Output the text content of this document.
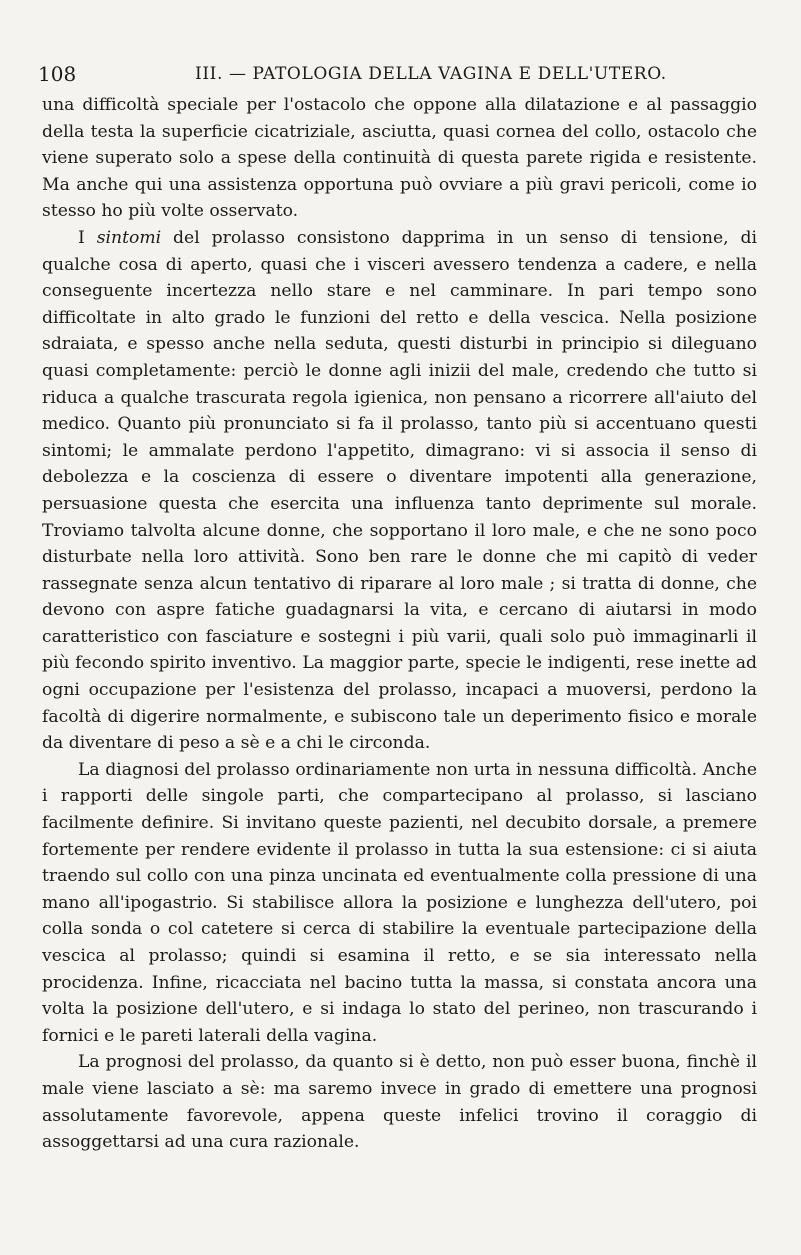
108	III. — PATOLOGIA DELLA VAGINA E DELL'UTERO.

una difficoltà speciale per l'ostacolo che oppone alla dilatazione e al passaggio della testa la superficie cicatriziale, asciutta, quasi cornea del collo, ostacolo che viene superato solo a spese della continuità di questa parete rigida e resistente. Ma anche qui una assistenza opportuna può ovviare a più gravi pericoli, come io stesso ho più volte osservato.

I sintomi del prolasso consistono dapprima in un senso di tensione, di qualche cosa di aperto, quasi che i visceri avessero tendenza a cadere, e nella conseguente incertezza nello stare e nel camminare. In pari tempo sono difficoltate in alto grado le funzioni del retto e della vescica. Nella posizione sdraiata, e spesso anche nella seduta, questi disturbi in principio si dileguano quasi completamente: perciò le donne agli inizii del male, credendo che tutto si riduca a qualche trascurata regola igienica, non pensano a ricorrere all'aiuto del medico. Quanto più pronunciato si fa il prolasso, tanto più si accentuano questi sintomi; le ammalate perdono l'appetito, dimagrano: vi si associa il senso di debolezza e la coscienza di essere o diventare impotenti alla generazione, persuasione questa che esercita una influenza tanto deprimente sul morale. Troviamo talvolta alcune donne, che sopportano il loro male, e che ne sono poco disturbate nella loro attività. Sono ben rare le donne che mi capitò di veder rassegnate senza alcun tentativo di riparare al loro male ; si tratta di donne, che devono con aspre fatiche guadagnarsi la vita, e cercano di aiutarsi in modo caratteristico con fasciature e sostegni i più varii, quali solo può immaginarli il più fecondo spirito inventivo. La maggior parte, specie le indigenti, rese inette ad ogni occupazione per l'esistenza del prolasso, incapaci a muoversi, perdono la facoltà di digerire normalmente, e subiscono tale un deperimento fisico e morale da diventare di peso a sè e a chi le circonda.

La diagnosi del prolasso ordinariamente non urta in nessuna difficoltà. Anche i rapporti delle singole parti, che compartecipano al prolasso, si lasciano facilmente definire. Si invitano queste pazienti, nel decubito dorsale, a premere fortemente per rendere evidente il prolasso in tutta la sua estensione: ci si aiuta traendo sul collo con una pinza uncinata ed eventualmente colla pressione di una mano all'ipogastrio. Si stabilisce allora la posizione e lunghezza dell'utero, poi colla sonda o col catetere si cerca di stabilire la eventuale partecipazione della vescica al prolasso; quindi si esamina il retto, e se sia interessato nella procidenza. Infine, ricacciata nel bacino tutta la massa, si constata ancora una volta la posizione dell'utero, e si indaga lo stato del perineo, non trascurando i fornici e le pareti laterali della vagina.

La prognosi del prolasso, da quanto si è detto, non può esser buona, finchè il male viene lasciato a sè: ma saremo invece in grado di emettere una prognosi assolutamente favorevole, appena queste infelici trovino il coraggio di assoggettarsi ad una cura razionale.
